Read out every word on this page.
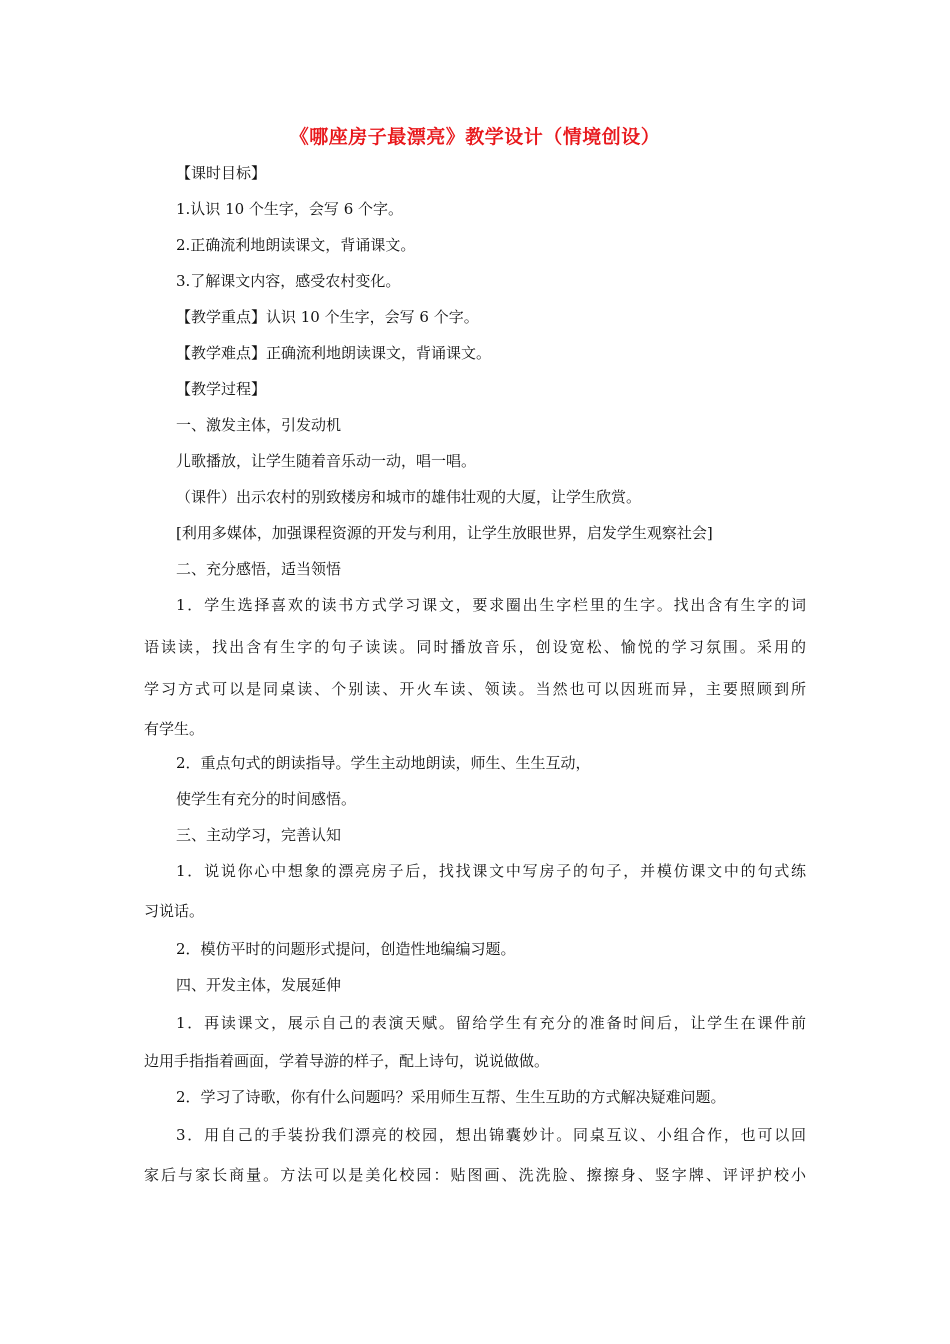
《哪座房子最漂亮》教学设计（情境创设）
【课时目标】
1.认识 10 个生字，会写 6 个字。
2.正确流利地朗读课文，背诵课文。
3.了解课文内容，感受农村变化。
【教学重点】认识 10 个生字，会写 6 个字。
【教学难点】正确流利地朗读课文，背诵课文。
【教学过程】
一、激发主体，引发动机
儿歌播放，让学生随着音乐动一动，唱一唱。
（课件）出示农村的别致楼房和城市的雄伟壮观的大厦，让学生欣赏。
[利用多媒体，加强课程资源的开发与利用，让学生放眼世界，启发学生观察社会]
二、充分感悟，适当领悟
1．学生选择喜欢的读书方式学习课文，要求圈出生字栏里的生字。找出含有生字的词
语读读，找出含有生字的句子读读。同时播放音乐，创设宽松、愉悦的学习氛围。采用的
学习方式可以是同桌读、个别读、开火车读、领读。当然也可以因班而异，主要照顾到所
有学生。
2．重点句式的朗读指导。学生主动地朗读，师生、生生互动，
使学生有充分的时间感悟。
三、主动学习，完善认知
1．说说你心中想象的漂亮房子后，找找课文中写房子的句子，并模仿课文中的句式练
习说话。
2．模仿平时的问题形式提问，创造性地编编习题。
四、开发主体，发展延伸
1．再读课文，展示自己的表演天赋。留给学生有充分的准备时间后，让学生在课件前
边用手指指着画面，学着导游的样子，配上诗句，说说做做。
2．学习了诗歌，你有什么问题吗？采用师生互帮、生生互助的方式解决疑难问题。
3．用自己的手装扮我们漂亮的校园，想出锦囊妙计。同桌互议、小组合作，也可以回
家后与家长商量。方法可以是美化校园：贴图画、洗洗脸、擦擦身、竖字牌、评评护校小
